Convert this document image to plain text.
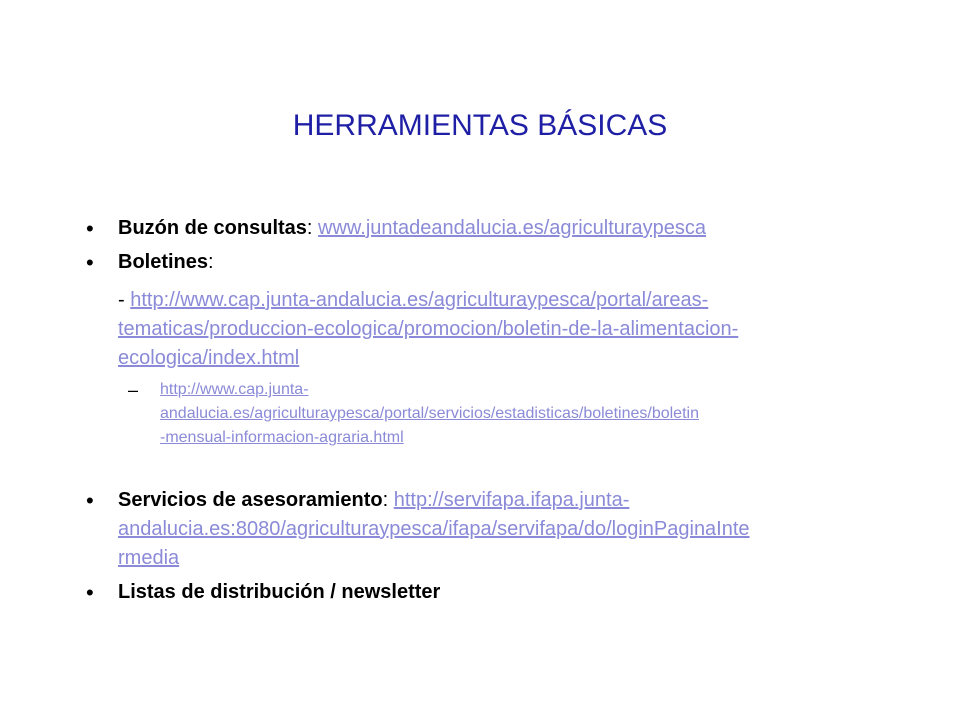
HERRAMIENTAS BÁSICAS
• Buzón de consultas: www.juntadeandalucia.es/agriculturaypesca
• Boletines:
- http://www.cap.junta-andalucia.es/agriculturaypesca/portal/areas-
tematicas/produccion-ecologica/promocion/boletin-de-la-alimentacion-
ecologica/index.html
– http://www.cap.junta-
andalucia.es/agriculturaypesca/portal/servicios/estadisticas/boletines/boletin
-mensual-informacion-agraria.html
• Servicios de asesoramiento: http://servifapa.ifapa.junta-
andalucia.es:8080/agriculturaypesca/ifapa/servifapa/do/loginPaginaInte
rmedia
• Listas de distribución / newsletter
